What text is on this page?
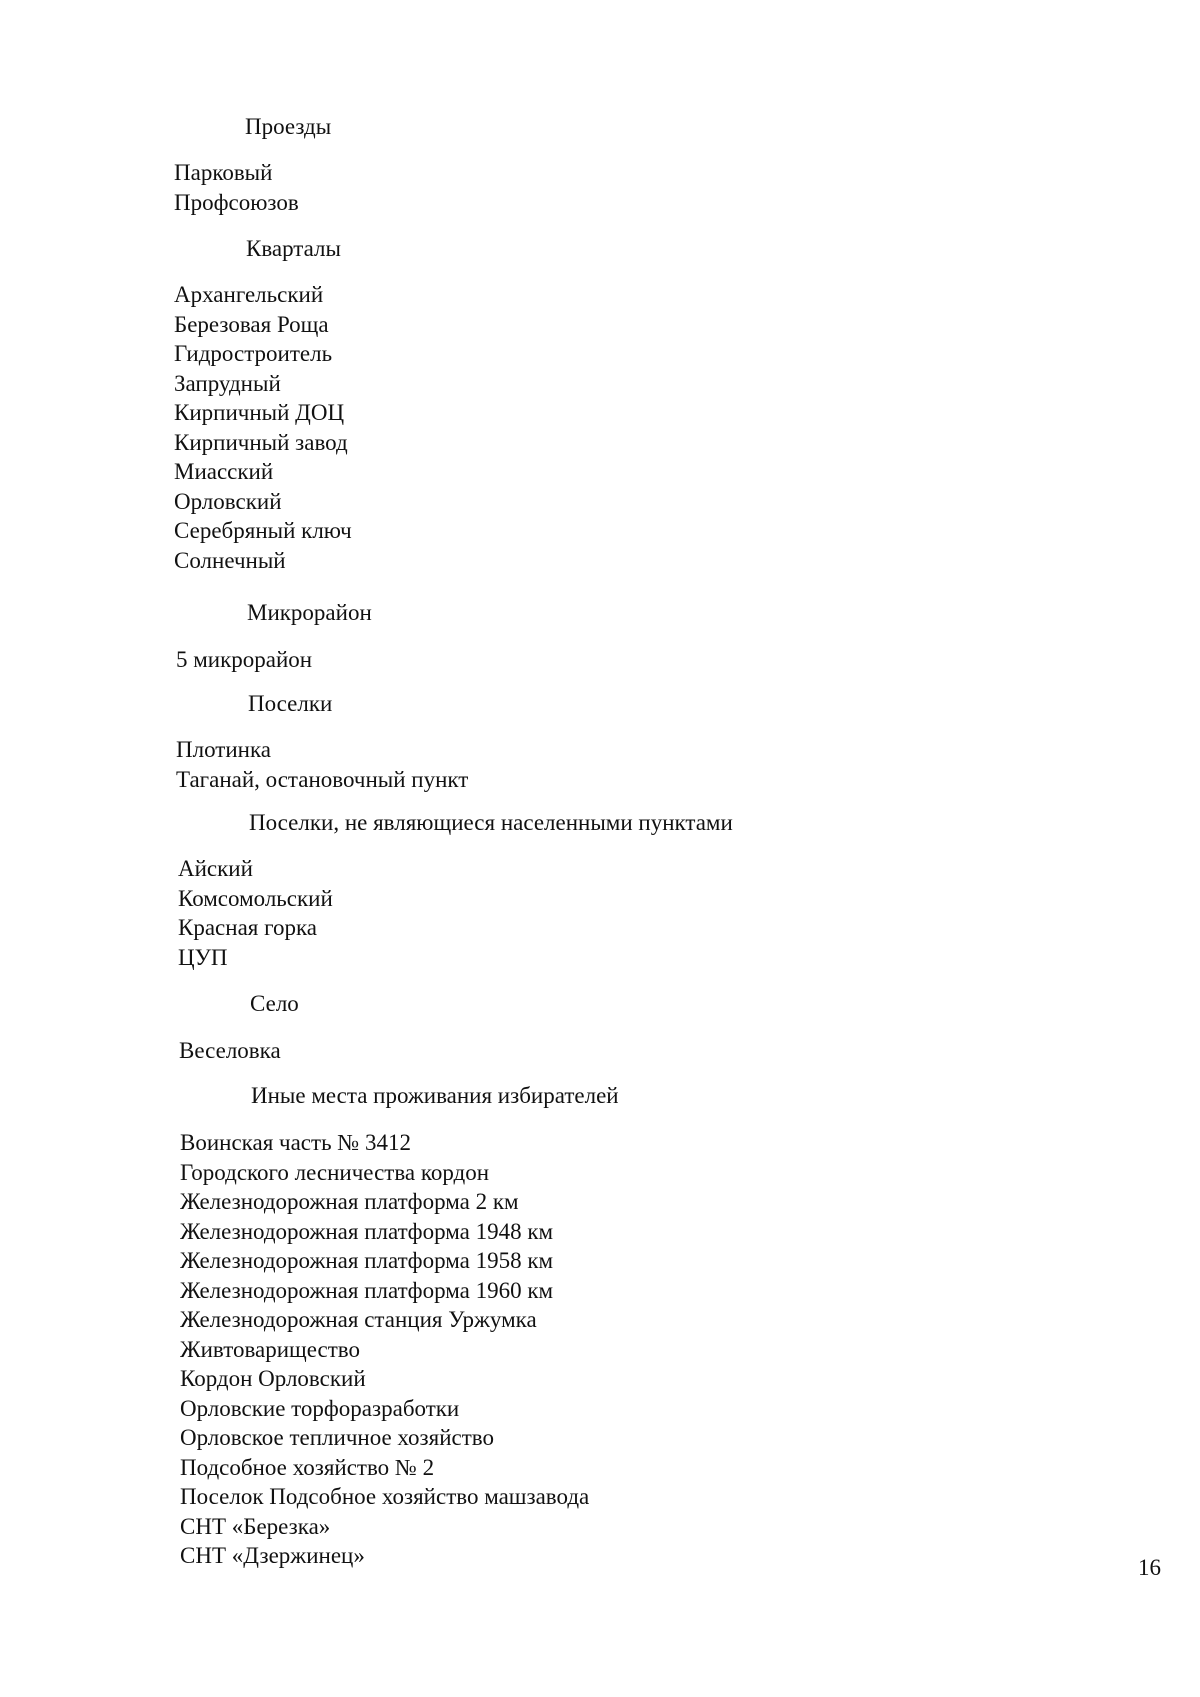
Проезды
Парковый
Профсоюзов
Кварталы
Архангельский
Березовая Роща
Гидростроитель
Запрудный
Кирпичный ДОЦ
Кирпичный завод
Миасский
Орловский
Серебряный ключ
Солнечный
Микрорайон
5 микрорайон
Поселки
Плотинка
Таганай, остановочный пункт
Поселки, не являющиеся населенными пунктами
Айский
Комсомольский
Красная горка
ЦУП
Село
Веселовка
Иные места проживания избирателей
Воинская часть № 3412
Городского лесничества кордон
Железнодорожная платформа 2 км
Железнодорожная платформа 1948 км
Железнодорожная платформа 1958 км
Железнодорожная платформа 1960 км
Железнодорожная станция Уржумка
Живтоварищество
Кордон Орловский
Орловские торфоразработки
Орловское тепличное хозяйство
Подсобное хозяйство № 2
Поселок Подсобное хозяйство машзавода
СНТ «Березка»
СНТ «Дзержинец»	16
